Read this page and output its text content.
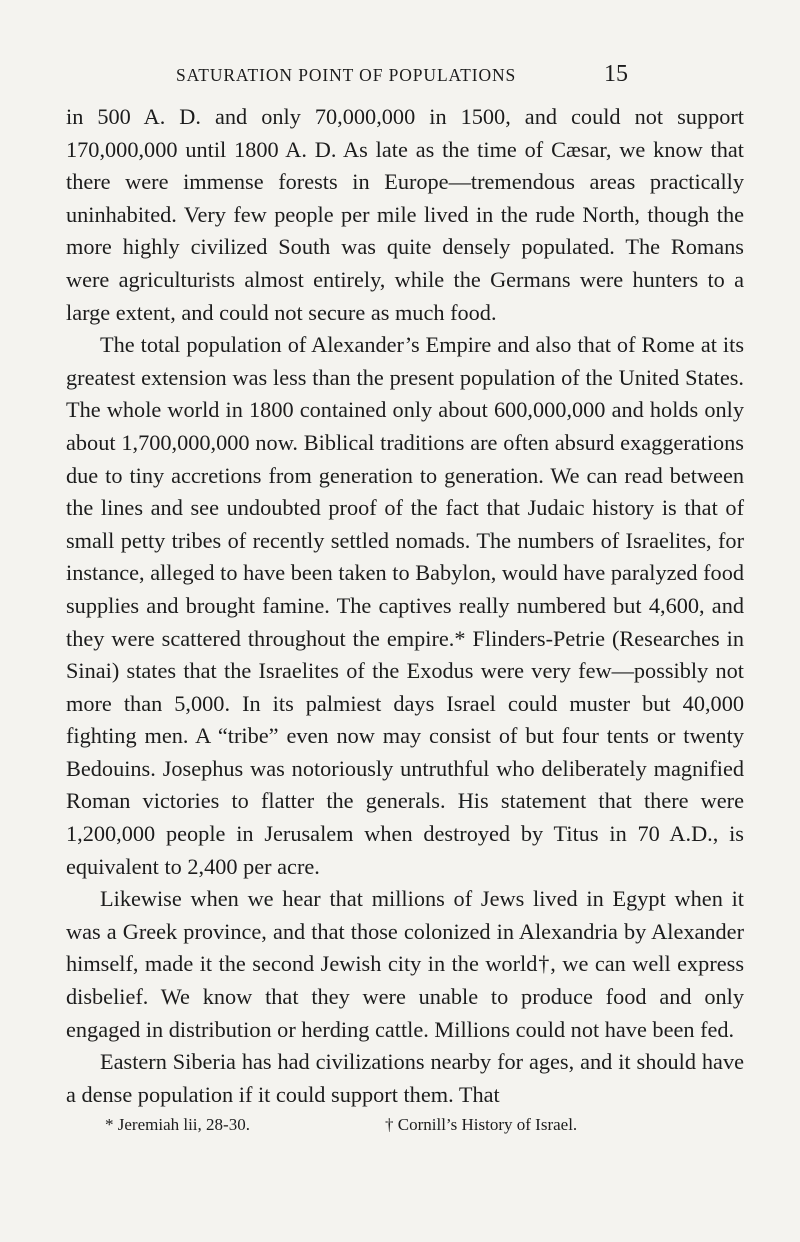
SATURATION POINT OF POPULATIONS	15

in 500 A. D. and only 70,000,000 in 1500, and could not support 170,000,000 until 1800 A. D. As late as the time of Cæsar, we know that there were immense forests in Europe—tremendous areas practically uninhabited. Very few people per mile lived in the rude North, though the more highly civilized South was quite densely populated. The Romans were agriculturists almost entirely, while the Germans were hunters to a large extent, and could not secure as much food.

The total population of Alexander’s Empire and also that of Rome at its greatest extension was less than the present population of the United States. The whole world in 1800 contained only about 600,000,000 and holds only about 1,700,000,000 now. Biblical traditions are often absurd exaggerations due to tiny accretions from generation to generation. We can read between the lines and see undoubted proof of the fact that Judaic history is that of small petty tribes of recently settled nomads. The numbers of Israelites, for instance, alleged to have been taken to Babylon, would have paralyzed food supplies and brought famine. The captives really numbered but 4,600, and they were scattered throughout the empire.* Flinders-Petrie (Researches in Sinai) states that the Israelites of the Exodus were very few—possibly not more than 5,000. In its palmiest days Israel could muster but 40,000 fighting men. A “tribe” even now may consist of but four tents or twenty Bedouins. Josephus was notoriously untruthful who deliberately magnified Roman victories to flatter the generals. His statement that there were 1,200,000 people in Jerusalem when destroyed by Titus in 70 A.D., is equivalent to 2,400 per acre.

Likewise when we hear that millions of Jews lived in Egypt when it was a Greek province, and that those colonized in Alexandria by Alexander himself, made it the second Jewish city in the world†, we can well express disbelief. We know that they were unable to produce food and only engaged in distribution or herding cattle. Millions could not have been fed.

Eastern Siberia has had civilizations nearby for ages, and it should have a dense population if it could support them. That

* Jeremiah lii, 28-30.	† Cornill’s History of Israel.
